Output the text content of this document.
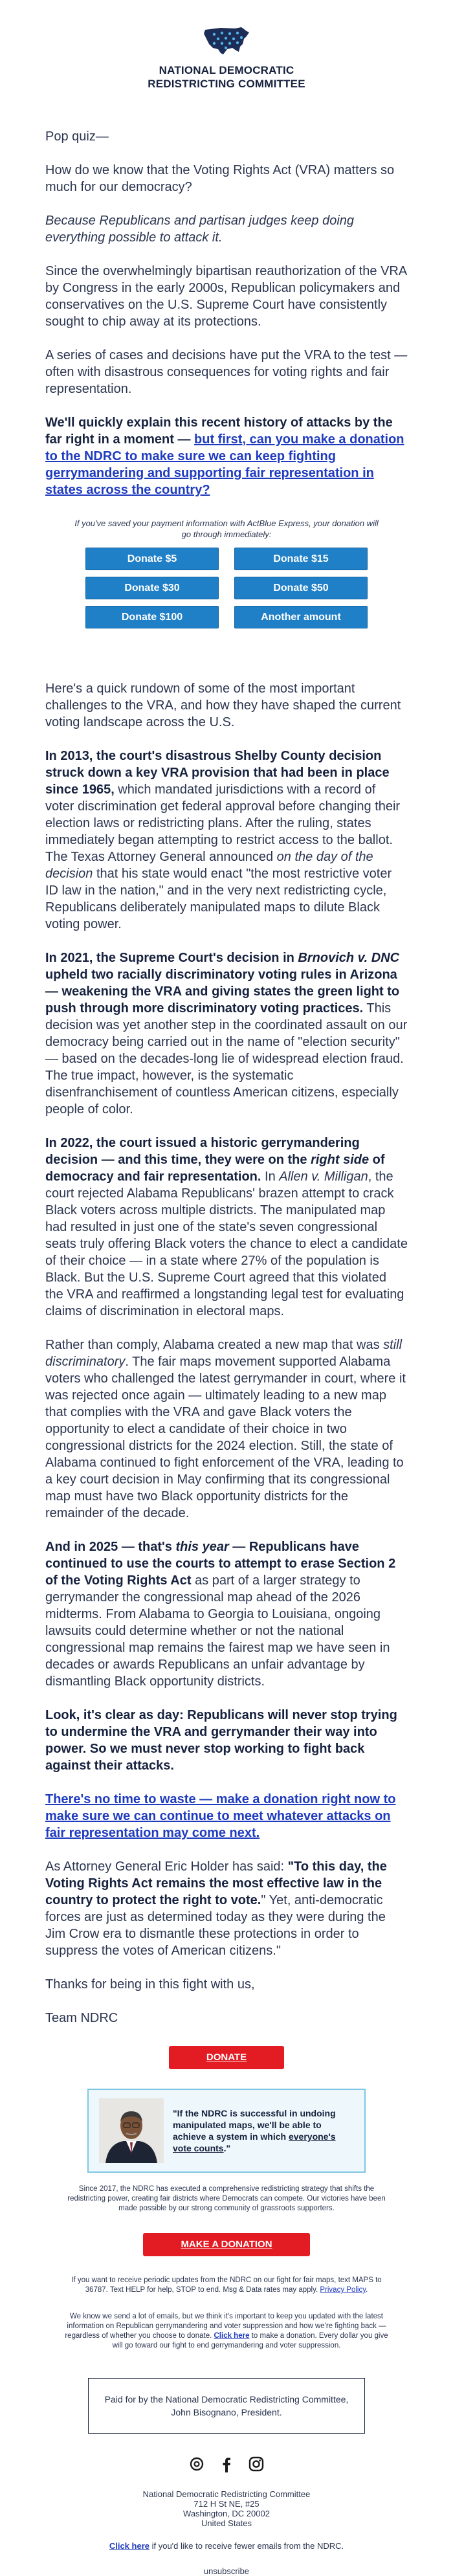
NATIONAL DEMOCRATIC
REDISTRICTING COMMITTEE

Pop quiz—

How do we know that the Voting Rights Act (VRA) matters so much for our democracy?

Because Republicans and partisan judges keep doing everything possible to attack it.

Since the overwhelmingly bipartisan reauthorization of the VRA by Congress in the early 2000s, Republican policymakers and conservatives on the U.S. Supreme Court have consistently sought to chip away at its protections.

A series of cases and decisions have put the VRA to the test — often with disastrous consequences for voting rights and fair representation.

We'll quickly explain this recent history of attacks by the far right in a moment — but first, can you make a donation to the NDRC to make sure we can keep fighting gerrymandering and supporting fair representation in states across the country?

If you've saved your payment information with ActBlue Express, your donation will go through immediately:
Donate $5	Donate $15
Donate $30	Donate $50
Donate $100	Another amount

Here's a quick rundown of some of the most important challenges to the VRA, and how they have shaped the current voting landscape across the U.S.

In 2013, the court's disastrous Shelby County decision struck down a key VRA provision that had been in place since 1965, which mandated jurisdictions with a record of voter discrimination get federal approval before changing their election laws or redistricting plans. After the ruling, states immediately began attempting to restrict access to the ballot. The Texas Attorney General announced on the day of the decision that his state would enact "the most restrictive voter ID law in the nation," and in the very next redistricting cycle, Republicans deliberately manipulated maps to dilute Black voting power.

In 2021, the Supreme Court's decision in Brnovich v. DNC upheld two racially discriminatory voting rules in Arizona — weakening the VRA and giving states the green light to push through more discriminatory voting practices. This decision was yet another step in the coordinated assault on our democracy being carried out in the name of "election security" — based on the decades-long lie of widespread election fraud. The true impact, however, is the systematic disenfranchisement of countless American citizens, especially people of color.

In 2022, the court issued a historic gerrymandering decision — and this time, they were on the right side of democracy and fair representation. In Allen v. Milligan, the court rejected Alabama Republicans' brazen attempt to crack Black voters across multiple districts. The manipulated map had resulted in just one of the state's seven congressional seats truly offering Black voters the chance to elect a candidate of their choice — in a state where 27% of the population is Black. But the U.S. Supreme Court agreed that this violated the VRA and reaffirmed a longstanding legal test for evaluating claims of discrimination in electoral maps.

Rather than comply, Alabama created a new map that was still discriminatory. The fair maps movement supported Alabama voters who challenged the latest gerrymander in court, where it was rejected once again — ultimately leading to a new map that complies with the VRA and gave Black voters the opportunity to elect a candidate of their choice in two congressional districts for the 2024 election. Still, the state of Alabama continued to fight enforcement of the VRA, leading to a key court decision in May confirming that its congressional map must have two Black opportunity districts for the remainder of the decade.

And in 2025 — that's this year — Republicans have continued to use the courts to attempt to erase Section 2 of the Voting Rights Act as part of a larger strategy to gerrymander the congressional map ahead of the 2026 midterms. From Alabama to Georgia to Louisiana, ongoing lawsuits could determine whether or not the national congressional map remains the fairest map we have seen in decades or awards Republicans an unfair advantage by dismantling Black opportunity districts.

Look, it's clear as day: Republicans will never stop trying to undermine the VRA and gerrymander their way into power. So we must never stop working to fight back against their attacks.

There's no time to waste — make a donation right now to make sure we can continue to meet whatever attacks on fair representation may come next.

As Attorney General Eric Holder has said: "To this day, the Voting Rights Act remains the most effective law in the country to protect the right to vote." Yet, anti-democratic forces are just as determined today as they were during the Jim Crow era to dismantle these protections in order to suppress the votes of American citizens."

Thanks for being in this fight with us,

Team NDRC

DONATE
"If the NDRC is successful in undoing manipulated maps, we'll be able to achieve a system in which everyone's vote counts."
Since 2017, the NDRC has executed a comprehensive redistricting strategy that shifts the redistricting power, creating fair districts where Democrats can compete. Our victories have been made possible by our strong community of grassroots supporters.
MAKE A DONATION
If you want to receive periodic updates from the NDRC on our fight for fair maps, text MAPS to 36787. Text HELP for help, STOP to end. Msg & Data rates may apply. Privacy Policy.
We know we send a lot of emails, but we think it's important to keep you updated with the latest information on Republican gerrymandering and voter suppression and how we're fighting back — regardless of whether you choose to donate. Click here to make a donation. Every dollar you give will go toward our fight to end gerrymandering and voter suppression.
Paid for by the National Democratic Redistricting Committee, John Bisognano, President.
National Democratic Redistricting Committee
712 H St NE, #25
Washington, DC 20002
United States
Click here if you'd like to receive fewer emails from the NDRC.
unsubscribe
